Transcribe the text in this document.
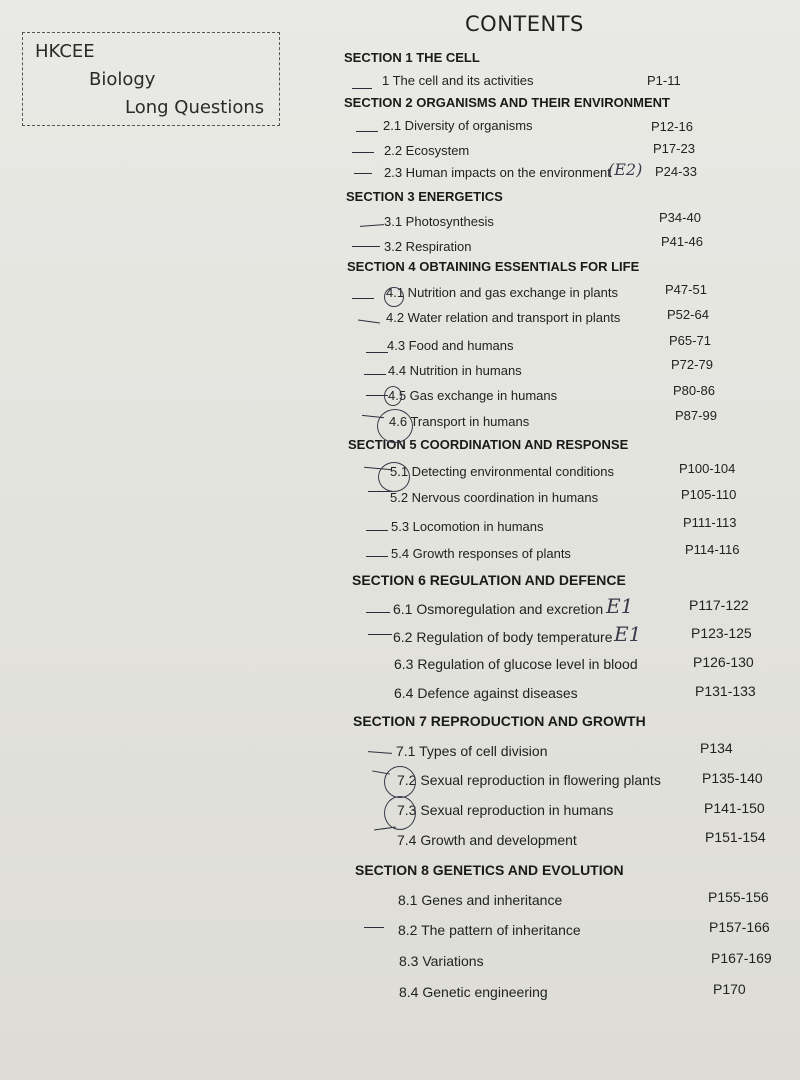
HKCEE
Biology
Long Questions
CONTENTS
SECTION 1 THE CELL
1 The cell and its activities	P1-11
SECTION 2 ORGANISMS AND THEIR ENVIRONMENT
2.1 Diversity of organisms	P12-16
2.2 Ecosystem	P17-23
2.3 Human impacts on the environment	P24-33
SECTION 3 ENERGETICS
3.1 Photosynthesis	P34-40
3.2 Respiration	P41-46
SECTION 4 OBTAINING ESSENTIALS FOR LIFE
4.1 Nutrition and gas exchange in plants	P47-51
4.2 Water relation and transport in plants	P52-64
4.3 Food and humans	P65-71
4.4 Nutrition in humans	P72-79
4.5 Gas exchange in humans	P80-86
4.6 Transport in humans	P87-99
SECTION 5 COORDINATION AND RESPONSE
5.1 Detecting environmental conditions	P100-104
5.2 Nervous coordination in humans	P105-110
5.3 Locomotion in humans	P111-113
5.4 Growth responses of plants	P114-116
SECTION 6 REGULATION AND DEFENCE
6.1 Osmoregulation and excretion	P117-122
6.2 Regulation of body temperature	P123-125
6.3 Regulation of glucose level in blood	P126-130
6.4 Defence against diseases	P131-133
SECTION 7 REPRODUCTION AND GROWTH
7.1 Types of cell division	P134
7.2 Sexual reproduction in flowering plants	P135-140
7.3 Sexual reproduction in humans	P141-150
7.4 Growth and development	P151-154
SECTION 8 GENETICS AND EVOLUTION
8.1 Genes and inheritance	P155-156
8.2 The pattern of inheritance	P157-166
8.3 Variations	P167-169
8.4 Genetic engineering	P170
(E2)
E1
E1
